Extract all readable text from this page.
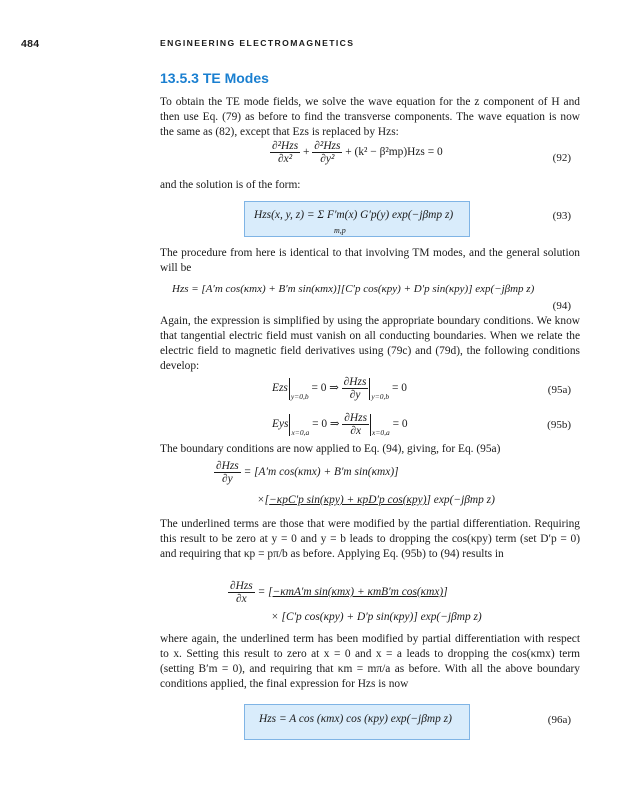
484	ENGINEERING ELECTROMAGNETICS
13.5.3 TE Modes

To obtain the TE mode fields, we solve the wave equation for the z component of H and then use Eq. (79) as before to find the transverse components. The wave equation is now the same as (82), except that Ezs is replaced by Hzs:

$\frac{\text{∂²Hzs}}{\text{∂x²}} + \frac{\text{∂²Hzs}}{\text{∂y²}} + (k^2 - \beta^2mp)Hzs = 0$	(92)

and the solution is of the form:

Hzs(x, y, z) = Σ F′m(x) G′p(y) exp(−jβmp z)
m,p
(93)

The procedure from here is identical to that involving TM modes, and the general solution will be

Hzs = [A′m cos(κmx) + B′m sin(κmx)][C′p cos(κpy) + D′p sin(κpy)] exp(−jβmp z)
(94)

Again, the expression is simplified by using the appropriate boundary conditions. We know that tangential electric field must vanish on all conducting boundaries. When we relate the electric field to magnetic field derivatives using (79c) and (79d), the following conditions develop:

Ezs$_{y=0,b}$ = 0 ⇒ $\frac{\text{∂Hzs}}{\partial y} _{y=0,b} = 0$	(95a)
Eys$_{x=0,a}$ = 0 ⇒ $\frac{\text{∂Hzs}}{\partial x} _{x=0,a} = 0$	(95b)

The boundary conditions are now applied to Eq. (94), giving, for Eq. (95a)

$\frac{\text{∂Hzs}}{\partial y} = [A'm$ cos(κmx) + B′m sin(κmx)]
×[−κpC′p sin(κpy) + κpD′p cos(κpy)] exp(−jβmp z)

The underlined terms are those that were modified by the partial differentiation. Requiring this result to be zero at y = 0 and y = b leads to dropping the cos(κpy) term (set D′p = 0) and requiring that κp = pπ/b as before. Applying Eq. (95b) to (94) results in

$\frac{\text{∂Hzs}}{\partial x} = [-\kappa mA'm$ sin(κmx) + κmB′m cos(κmx)]
× [C′p cos(κpy) + D′p sin(κpy)] exp(−jβmp z)

where again, the underlined term has been modified by partial differentiation with respect to x. Setting this result to zero at x = 0 and x = a leads to dropping the cos(κmx) term (setting B′m = 0), and requiring that κm = mπ/a as before. With all the above boundary conditions applied, the final expression for Hzs is now

Hzs = A cos (κmx) cos (κpy) exp(−jβmp z)	(96a)
